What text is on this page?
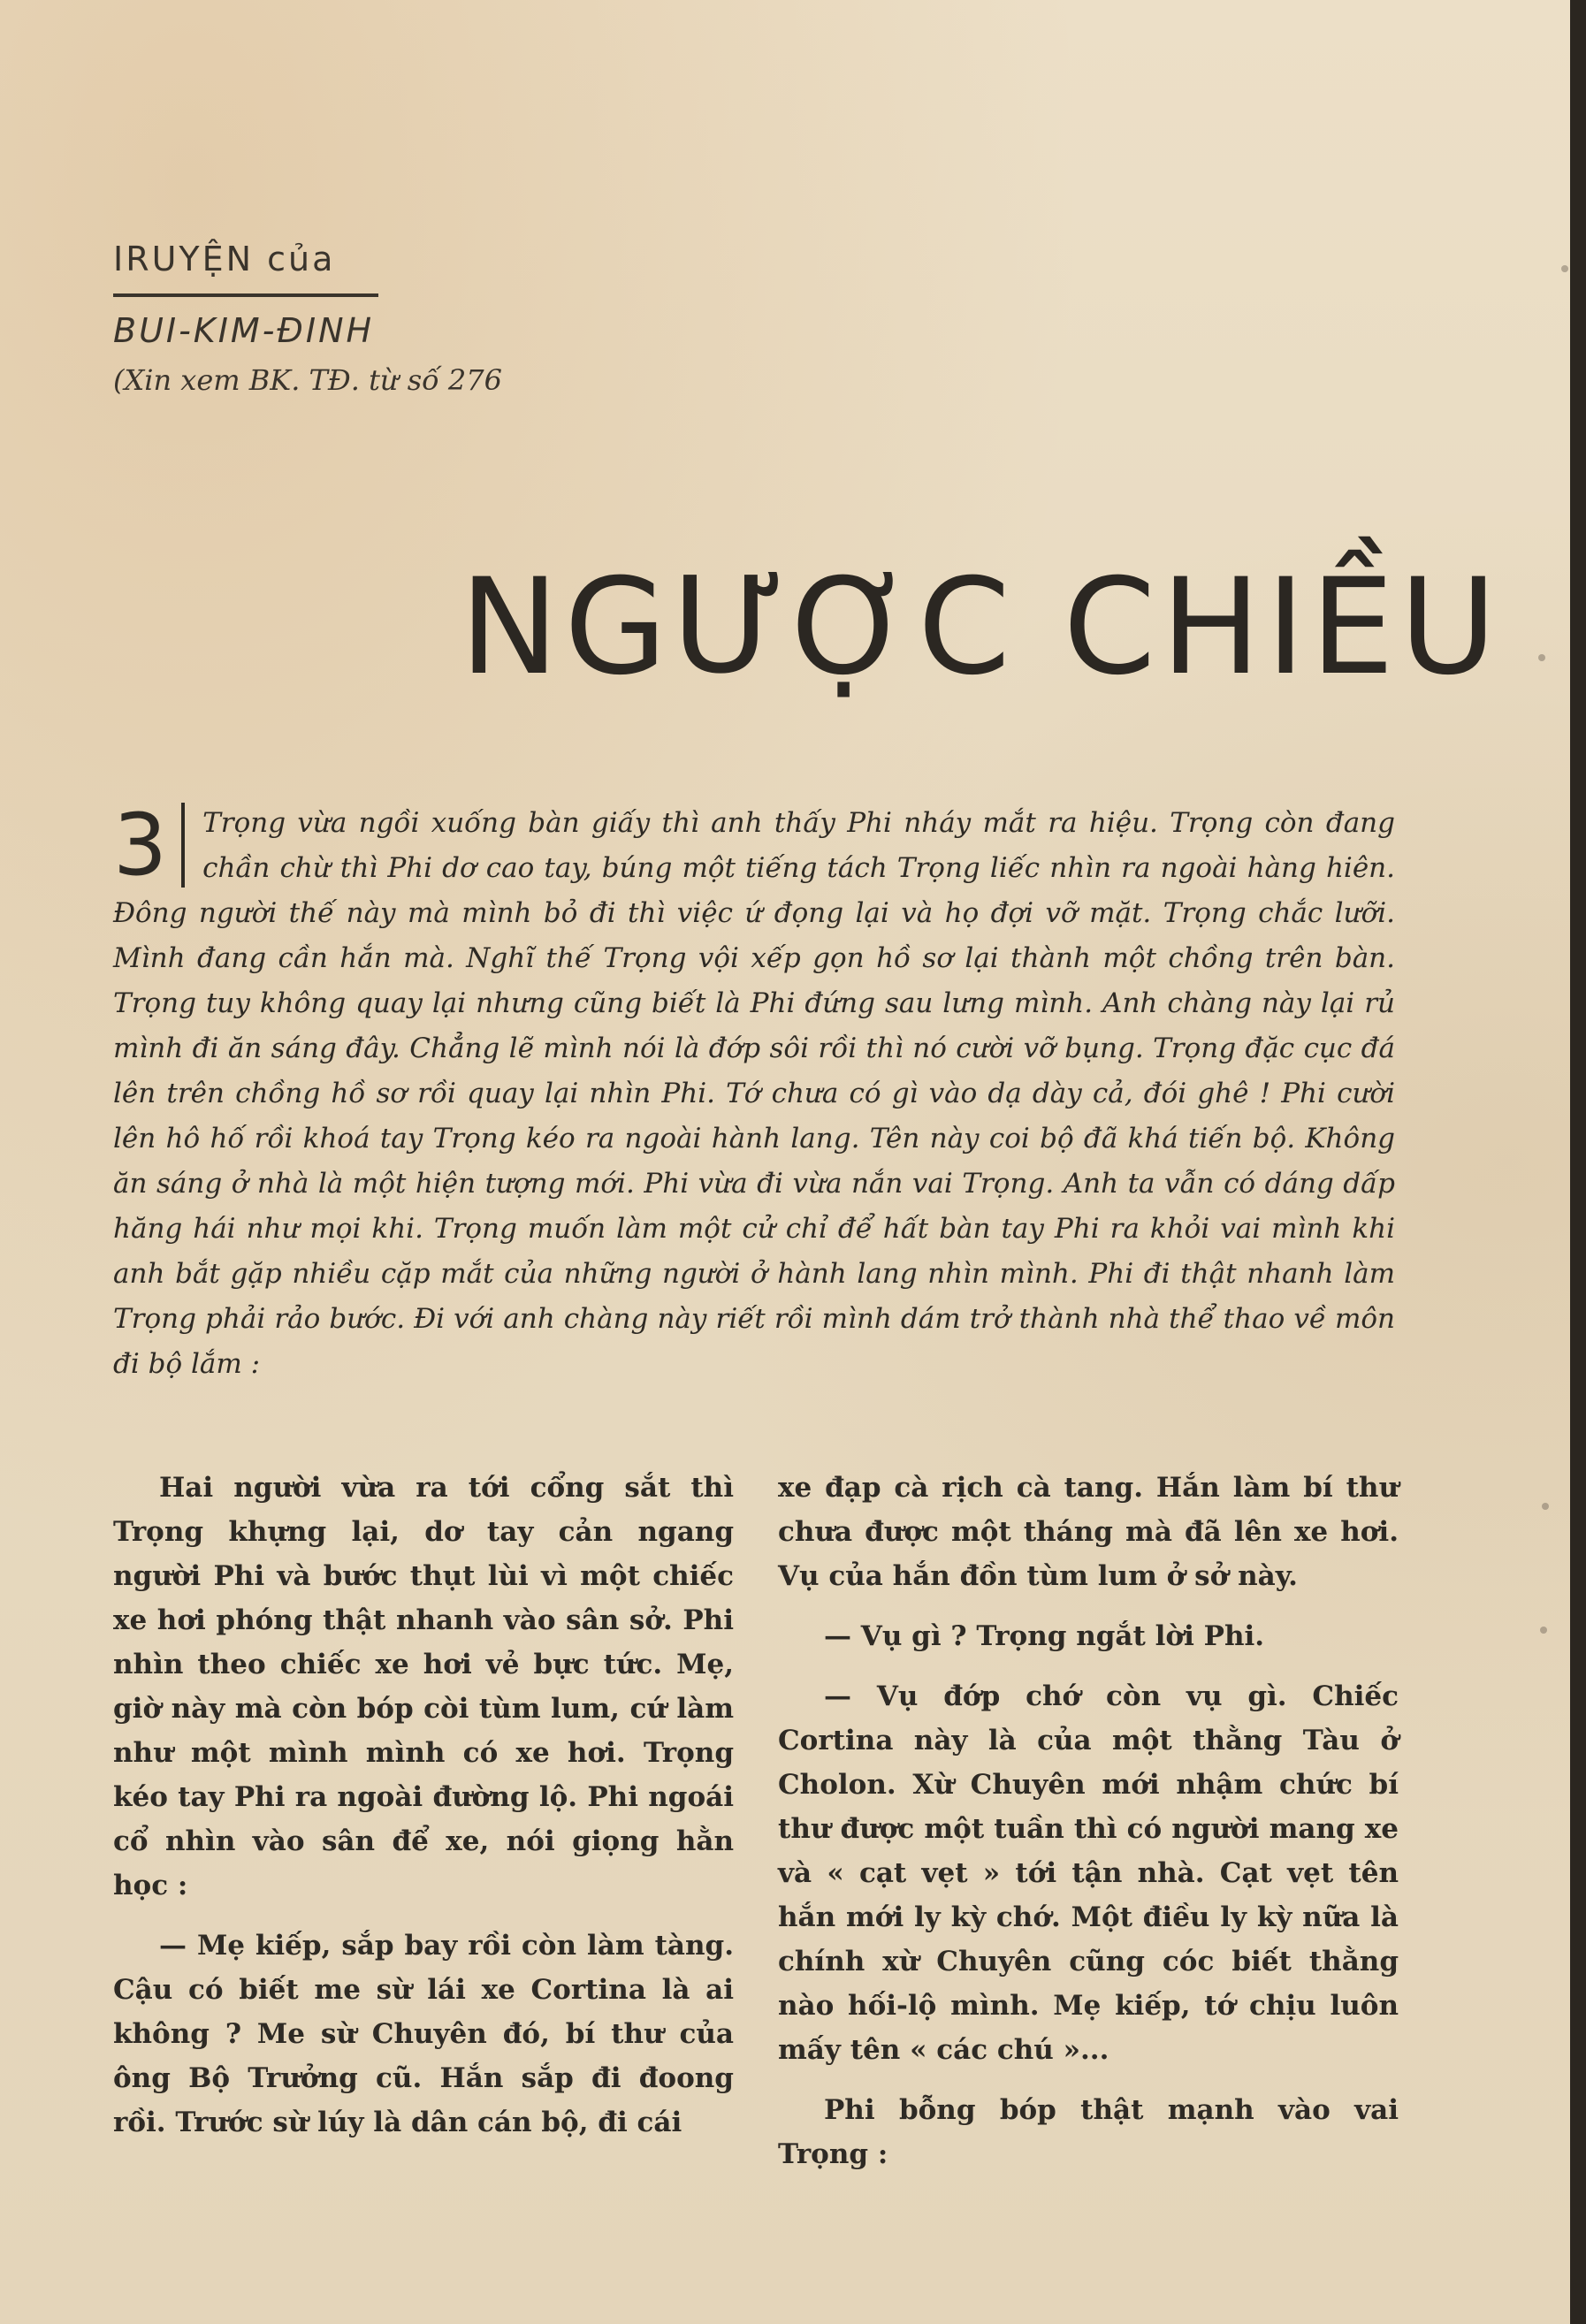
IRUYỆN của

BUI-KIM-ĐINH

(Xin xem BK. TĐ. từ số 276

NGƯỢC CHIỀU
3	Trọng vừa ngồi xuống bàn giấy thì anh thấy Phi nháy mắt ra hiệu. Trọng còn đang chần chừ thì Phi dơ cao tay, búng một tiếng tách Trọng liếc nhìn ra ngoài hàng hiên. Đông người thế này mà mình bỏ đi thì việc ứ đọng lại và họ đợi vỡ mặt. Trọng chắc lưỡi. Mình đang cần hắn mà. Nghĩ thế Trọng vội xếp gọn hồ sơ lại thành một chồng trên bàn. Trọng tuy không quay lại nhưng cũng biết là Phi đứng sau lưng mình. Anh chàng này lại rủ mình đi ăn sáng đây. Chẳng lẽ mình nói là đớp sôi rồi thì nó cười vỡ bụng. Trọng đặc cục đá lên trên chồng hồ sơ rồi quay lại nhìn Phi. Tớ chưa có gì vào dạ dày cả, đói ghê ! Phi cười lên hô hố rồi khoá tay Trọng kéo ra ngoài hành lang. Tên này coi bộ đã khá tiến bộ. Không ăn sáng ở nhà là một hiện tượng mới. Phi vừa đi vừa nắn vai Trọng. Anh ta vẫn có dáng dấp hăng hái như mọi khi. Trọng muốn làm một cử chỉ để hất bàn tay Phi ra khỏi vai mình khi anh bắt gặp nhiều cặp mắt của những người ở hành lang nhìn mình. Phi đi thật nhanh làm Trọng phải rảo bước. Đi với anh chàng này riết rồi mình dám trở thành nhà thể thao về môn đi bộ lắm :

Hai người vừa ra tới cổng sắt thì Trọng khựng lại, dơ tay cản ngang người Phi và bước thụt lùi vì một chiếc xe hơi phóng thật nhanh vào sân sở. Phi nhìn theo chiếc xe hơi vẻ bực tức. Mẹ, giờ này mà còn bóp còi tùm lum, cứ làm như một mình mình có xe hơi. Trọng kéo tay Phi ra ngoài đường lộ. Phi ngoái cổ nhìn vào sân để xe, nói giọng hằn học :

— Mẹ kiếp, sắp bay rồi còn làm tàng. Cậu có biết me sừ lái xe Cortina là ai không ? Me sừ Chuyên đó, bí thư của ông Bộ Trưởng cũ. Hắn sắp đi đoong rồi. Trước sừ lúy là dân cán bộ, đi cái

xe đạp cà rịch cà tang. Hắn làm bí thư chưa được một tháng mà đã lên xe hơi. Vụ của hắn đồn tùm lum ở sở này.

— Vụ gì ? Trọng ngắt lời Phi.

— Vụ đớp chớ còn vụ gì. Chiếc Cortina này là của một thằng Tàu ở Cholon. Xừ Chuyên mới nhậm chức bí thư được một tuần thì có người mang xe và « cạt vẹt » tới tận nhà. Cạt vẹt tên hắn mới ly kỳ chớ. Một điều ly kỳ nữa là chính xừ Chuyên cũng cóc biết thằng nào hối-lộ mình. Mẹ kiếp, tớ chịu luôn mấy tên « các chú »...

Phi bỗng bóp thật mạnh vào vai Trọng :
